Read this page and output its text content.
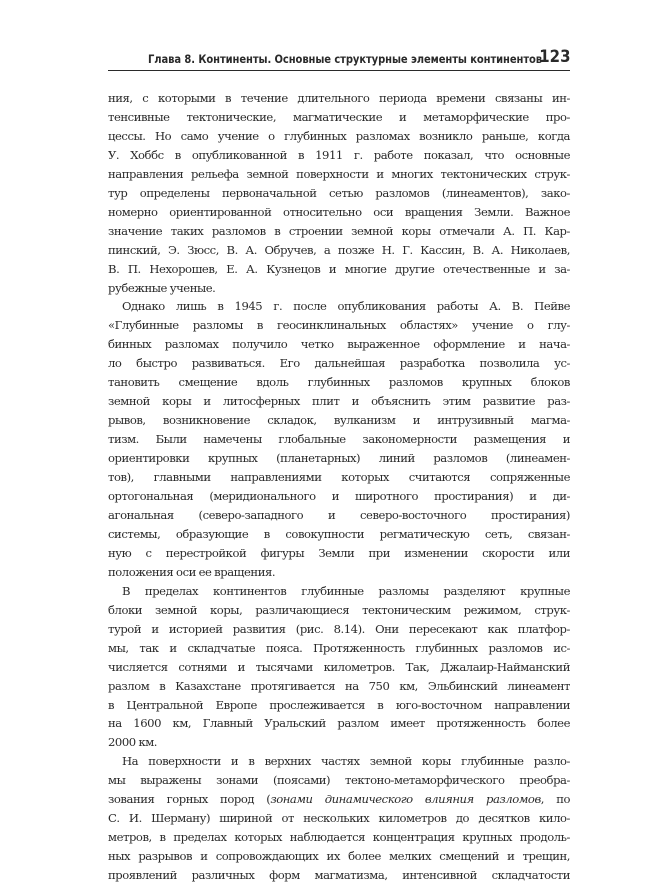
Глава 8. Континенты. Основные структурные элементы континентов
123

ния, с которыми в течение длительного периода времени связаны ин-
тенсивные тектонические, магматические и метаморфические про-
цессы. Но само учение о глубинных разломах возникло раньше, когда
У. Хоббс в опубликованной в 1911 г. работе показал, что основные
направления рельефа земной поверхности и многих тектонических струк-
тур определены первоначальной сетью разломов (линеаментов), зако-
номерно ориентированной относительно оси вращения Земли. Важное
значение таких разломов в строении земной коры отмечали А. П. Кар-
пинский, Э. Зюсс, В. А. Обручев, а позже Н. Г. Кассин, В. А. Николаев,
В. П. Нехорошев, Е. А. Кузнецов и многие другие отечественные и за-
рубежные ученые.

Однако лишь в 1945 г. после опубликования работы А. В. Пейве
«Глубинные разломы в геосинклинальных областях» учение о глу-
бинных разломах получило четко выраженное оформление и нача-
ло быстро развиваться. Его дальнейшая разработка позволила ус-
тановить смещение вдоль глубинных разломов крупных блоков
земной коры и литосферных плит и объяснить этим развитие раз-
рывов, возникновение складок, вулканизм и интрузивный магма-
тизм. Были намечены глобальные закономерности размещения и
ориентировки крупных (планетарных) линий разломов (линеамен-
тов), главными направлениями которых считаются сопряженные
ортогональная (меридионального и широтного простирания) и ди-
агональная (северо-западного и северо-восточного простирания)
системы, образующие в совокупности регматическую сеть, связан-
ную с перестройкой фигуры Земли при изменении скорости или
положения оси ее вращения.

В пределах континентов глубинные разломы разделяют крупные
блоки земной коры, различающиеся тектоническим режимом, струк-
турой и историей развития (рис. 8.14). Они пересекают как платфор-
мы, так и складчатые пояса. Протяженность глубинных разломов ис-
числяется сотнями и тысячами километров. Так, Джалаир-Найманский
разлом в Казахстане протягивается на 750 км, Эльбинский линеамент
в Центральной Европе прослеживается в юго-восточном направлении
на 1600 км, Главный Уральский разлом имеет протяженность более
2000 км.

На поверхности и в верхних частях земной коры глубинные разло-
мы выражены зонами (поясами) тектоно-метаморфического преобра-
зования горных пород (зонами динамического влияния разломов, по
С. И. Шерману) шириной от нескольких километров до десятков кило-
метров, в пределах которых наблюдается концентрация крупных продоль-
ных разрывов и сопровождающих их более мелких смещений и трещин,
проявлений различных форм магматизма, интенсивной складчатости
